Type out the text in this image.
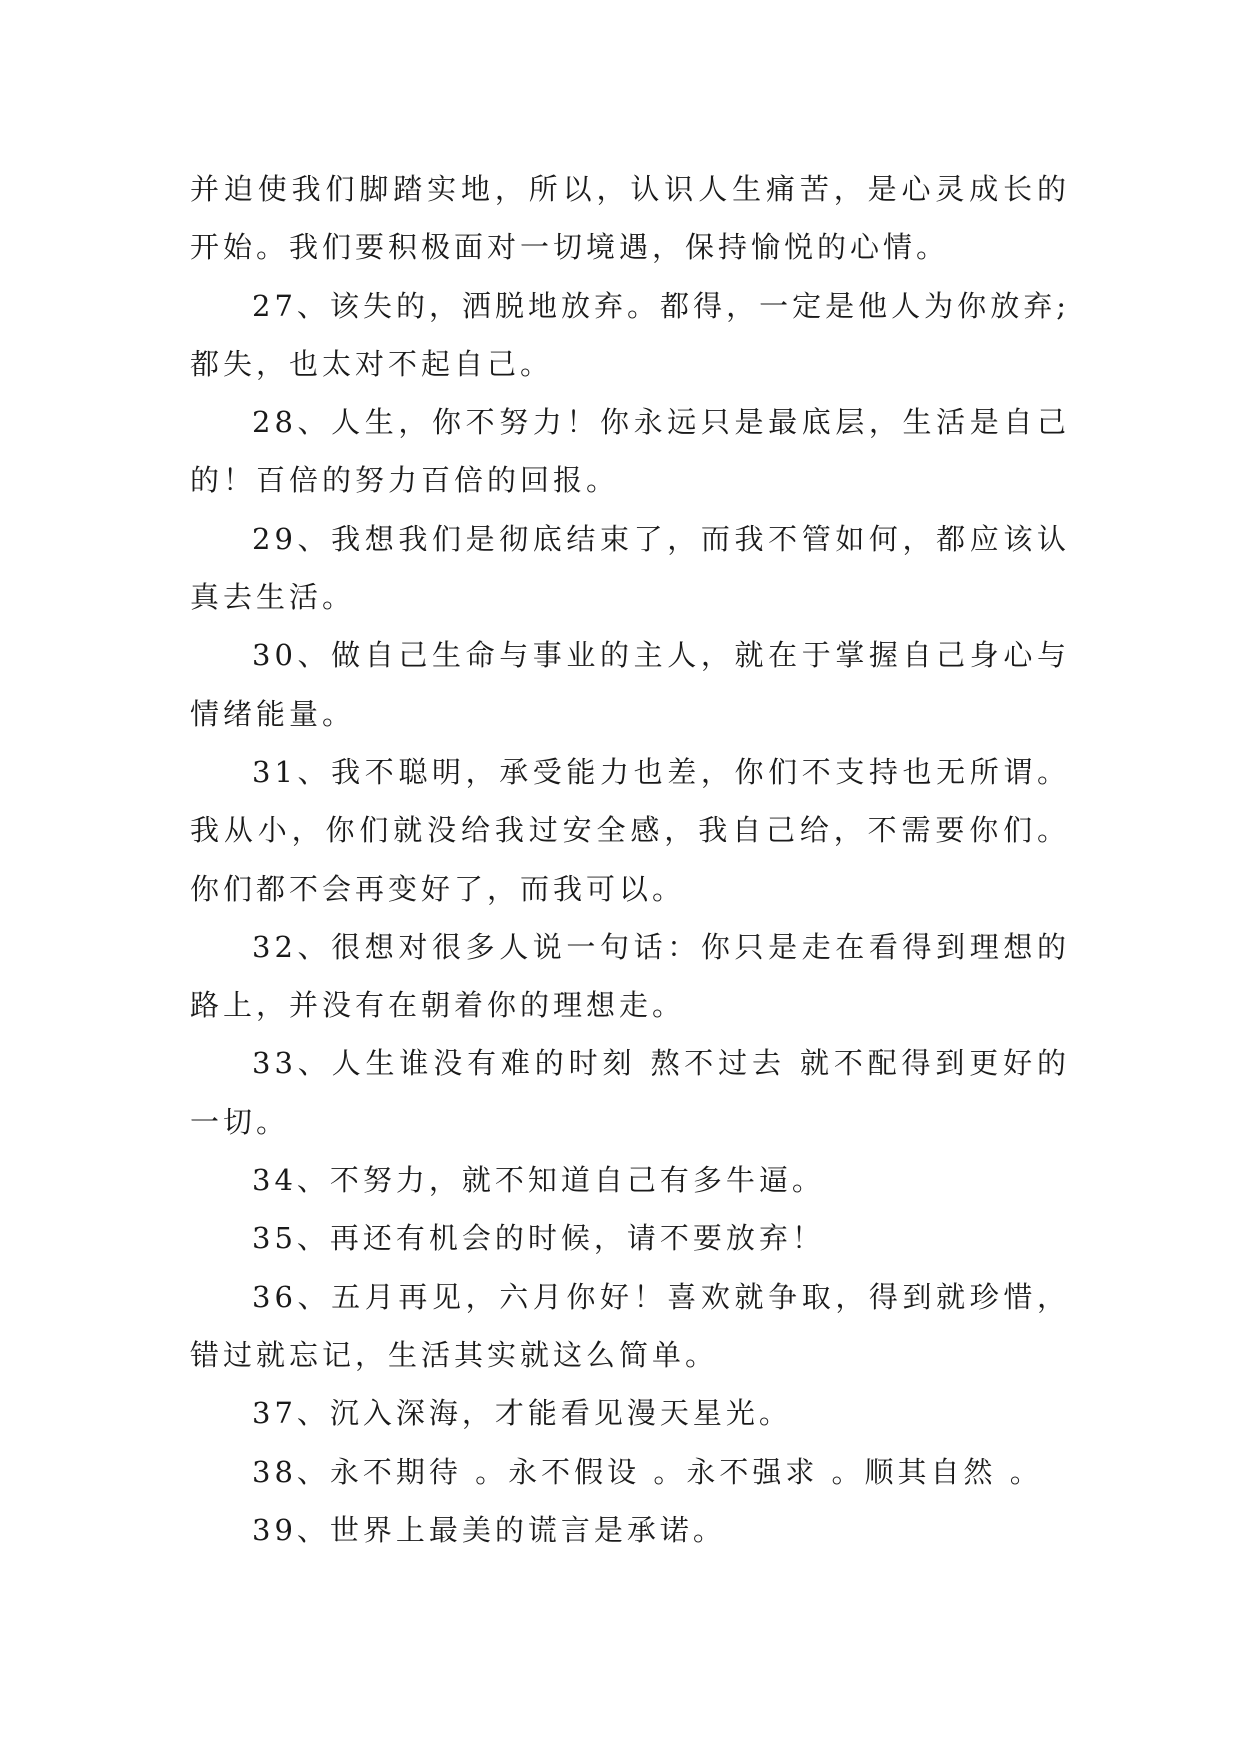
并迫使我们脚踏实地，所以，认识人生痛苦，是心灵成长的开始。我们要积极面对一切境遇，保持愉悦的心情。

27、该失的，洒脱地放弃。都得，一定是他人为你放弃;都失，也太对不起自己。

28、人生，你不努力！你永远只是最底层，生活是自己的！百倍的努力百倍的回报。

29、我想我们是彻底结束了，而我不管如何，都应该认真去生活。

30、做自己生命与事业的主人，就在于掌握自己身心与情绪能量。

31、我不聪明，承受能力也差，你们不支持也无所谓。我从小，你们就没给我过安全感，我自己给，不需要你们。你们都不会再变好了，而我可以。

32、很想对很多人说一句话：你只是走在看得到理想的路上，并没有在朝着你的理想走。

33、人生谁没有难的时刻 熬不过去 就不配得到更好的一切。

34、不努力，就不知道自己有多牛逼。

35、再还有机会的时候，请不要放弃！

36、五月再见，六月你好！喜欢就争取，得到就珍惜，错过就忘记，生活其实就这么简单。

37、沉入深海，才能看见漫天星光。

38、永不期待 。永不假设 。永不强求 。顺其自然 。

39、世界上最美的谎言是承诺。
